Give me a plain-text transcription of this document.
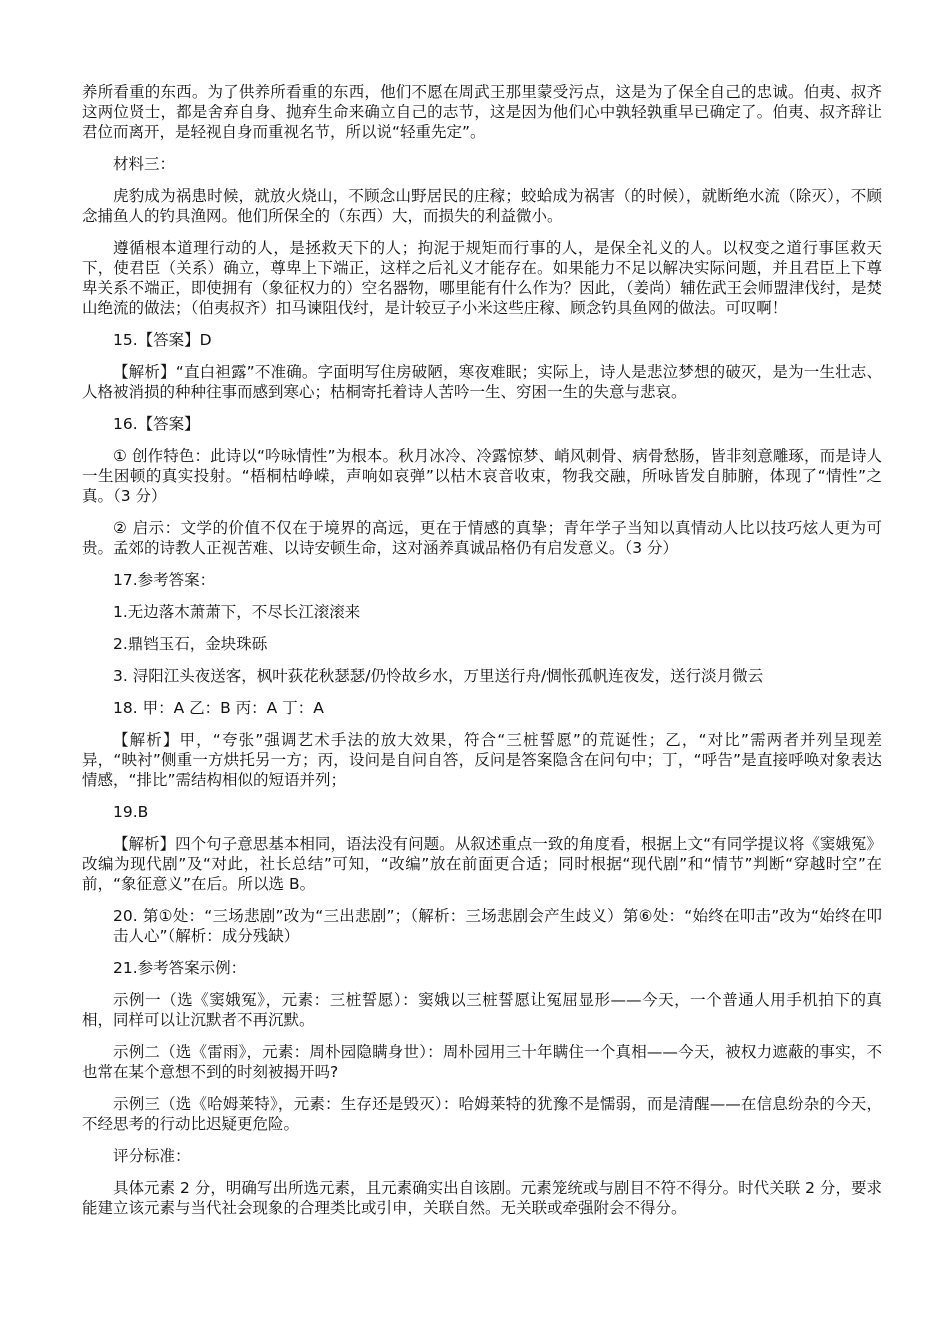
养所看重的东西。为了供养所看重的东西，他们不愿在周武王那里蒙受污点，这是为了保全自己的忠诚。伯夷、叔齐这两位贤士，都是舍弃自身、抛弃生命来确立自己的志节，这是因为他们心中孰轻孰重早已确定了。伯夷、叔齐辞让君位而离开，是轻视自身而重视名节，所以说“轻重先定”。

材料三：

虎豹成为祸患时候，就放火烧山，不顾念山野居民的庄稼；蛟蛤成为祸害（的时候），就断绝水流（除灭），不顾念捕鱼人的钓具渔网。他们所保全的（东西）大，而损失的利益微小。

遵循根本道理行动的人，是拯救天下的人；拘泥于规矩而行事的人，是保全礼义的人。以权变之道行事匡救天下，使君臣（关系）确立，尊卑上下端正，这样之后礼义才能存在。如果能力不足以解决实际问题，并且君臣上下尊卑关系不端正，即使拥有（象征权力的）空名器物，哪里能有什么作为？因此，（姜尚）辅佐武王会师盟津伐纣，是焚山绝流的做法；（伯夷叔齐）扣马谏阻伐纣，是计较豆子小米这些庄稼、顾念钓具鱼网的做法。可叹啊！

15.【答案】D

【解析】“直白袒露”不准确。字面明写住房破陋，寒夜难眠；实际上，诗人是悲泣梦想的破灭，是为一生壮志、人格被消损的种种往事而感到寒心；枯桐寄托着诗人苦吟一生、穷困一生的失意与悲哀。

16.【答案】

① 创作特色：此诗以“吟咏情性”为根本。秋月冰冷、冷露惊梦、峭风刺骨、病骨愁肠，皆非刻意雕琢，而是诗人一生困顿的真实投射。“梧桐枯峥嵘，声响如哀弹”以枯木哀音收束，物我交融，所咏皆发自肺腑，体现了“情性”之真。（3 分）

② 启示：文学的价值不仅在于境界的高远，更在于情感的真挚；青年学子当知以真情动人比以技巧炫人更为可贵。孟郊的诗教人正视苦难、以诗安顿生命，这对涵养真诚品格仍有启发意义。（3 分）

17.参考答案：

1.无边落木萧萧下，不尽长江滚滚来

2.鼎铛玉石，金块珠砾

3. 浔阳江头夜送客，枫叶荻花秋瑟瑟/仍怜故乡水，万里送行舟/惆怅孤帆连夜发，送行淡月微云

18. 甲：A 乙：B 丙：A 丁：A

【解析】甲，“夸张”强调艺术手法的放大效果，符合“三桩誓愿”的荒诞性；乙，“对比”需两者并列呈现差异，“映衬”侧重一方烘托另一方；丙，设问是自问自答，反问是答案隐含在问句中；丁，“呼告”是直接呼唤对象表达情感，“排比”需结构相似的短语并列；

19.B

【解析】四个句子意思基本相同，语法没有问题。从叙述重点一致的角度看，根据上文“有同学提议将《窦娥冤》改编为现代剧”及“对此，社长总结”可知，“改编”放在前面更合适；同时根据“现代剧”和“情节”判断“穿越时空”在前，“象征意义”在后。所以选 B。

20. 第①处：“三场悲剧”改为“三出悲剧”；（解析：三场悲剧会产生歧义）第⑥处：“始终在叩击”改为“始终在叩击人心”（解析：成分残缺）

21.参考答案示例：

示例一（选《窦娥冤》，元素：三桩誓愿）：窦娥以三桩誓愿让冤屈显形——今天，一个普通人用手机拍下的真相，同样可以让沉默者不再沉默。

示例二（选《雷雨》，元素：周朴园隐瞒身世）：周朴园用三十年瞒住一个真相——今天，被权力遮蔽的事实，不也常在某个意想不到的时刻被揭开吗?

示例三（选《哈姆莱特》，元素：生存还是毁灭）：哈姆莱特的犹豫不是懦弱，而是清醒——在信息纷杂的今天，不经思考的行动比迟疑更危险。

评分标准：

具体元素 2 分，明确写出所选元素，且元素确实出自该剧。元素笼统或与剧目不符不得分。时代关联 2 分，要求能建立该元素与当代社会现象的合理类比或引申，关联自然。无关联或牵强附会不得分。
